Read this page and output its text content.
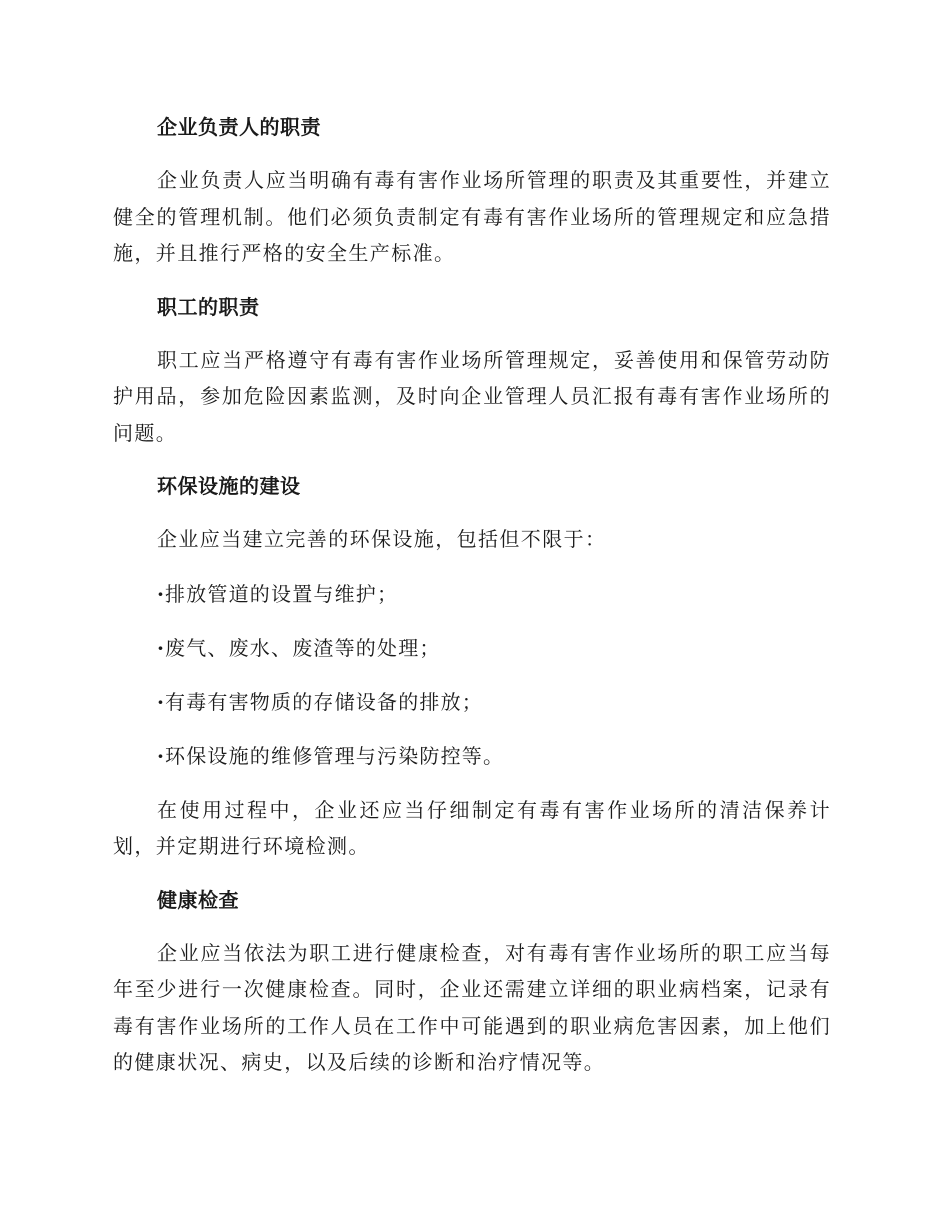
企业负责人的职责

企业负责人应当明确有毒有害作业场所管理的职责及其重要性，并建立健全的管理机制。他们必须负责制定有毒有害作业场所的管理规定和应急措施，并且推行严格的安全生产标准。

职工的职责

职工应当严格遵守有毒有害作业场所管理规定，妥善使用和保管劳动防护用品，参加危险因素监测，及时向企业管理人员汇报有毒有害作业场所的问题。

环保设施的建设

企业应当建立完善的环保设施，包括但不限于：

·排放管道的设置与维护；

·废气、废水、废渣等的处理；

·有毒有害物质的存储设备的排放；

·环保设施的维修管理与污染防控等。

在使用过程中，企业还应当仔细制定有毒有害作业场所的清洁保养计划，并定期进行环境检测。

健康检查

企业应当依法为职工进行健康检查，对有毒有害作业场所的职工应当每年至少进行一次健康检查。同时，企业还需建立详细的职业病档案，记录有毒有害作业场所的工作人员在工作中可能遇到的职业病危害因素，加上他们的健康状况、病史，以及后续的诊断和治疗情况等。
